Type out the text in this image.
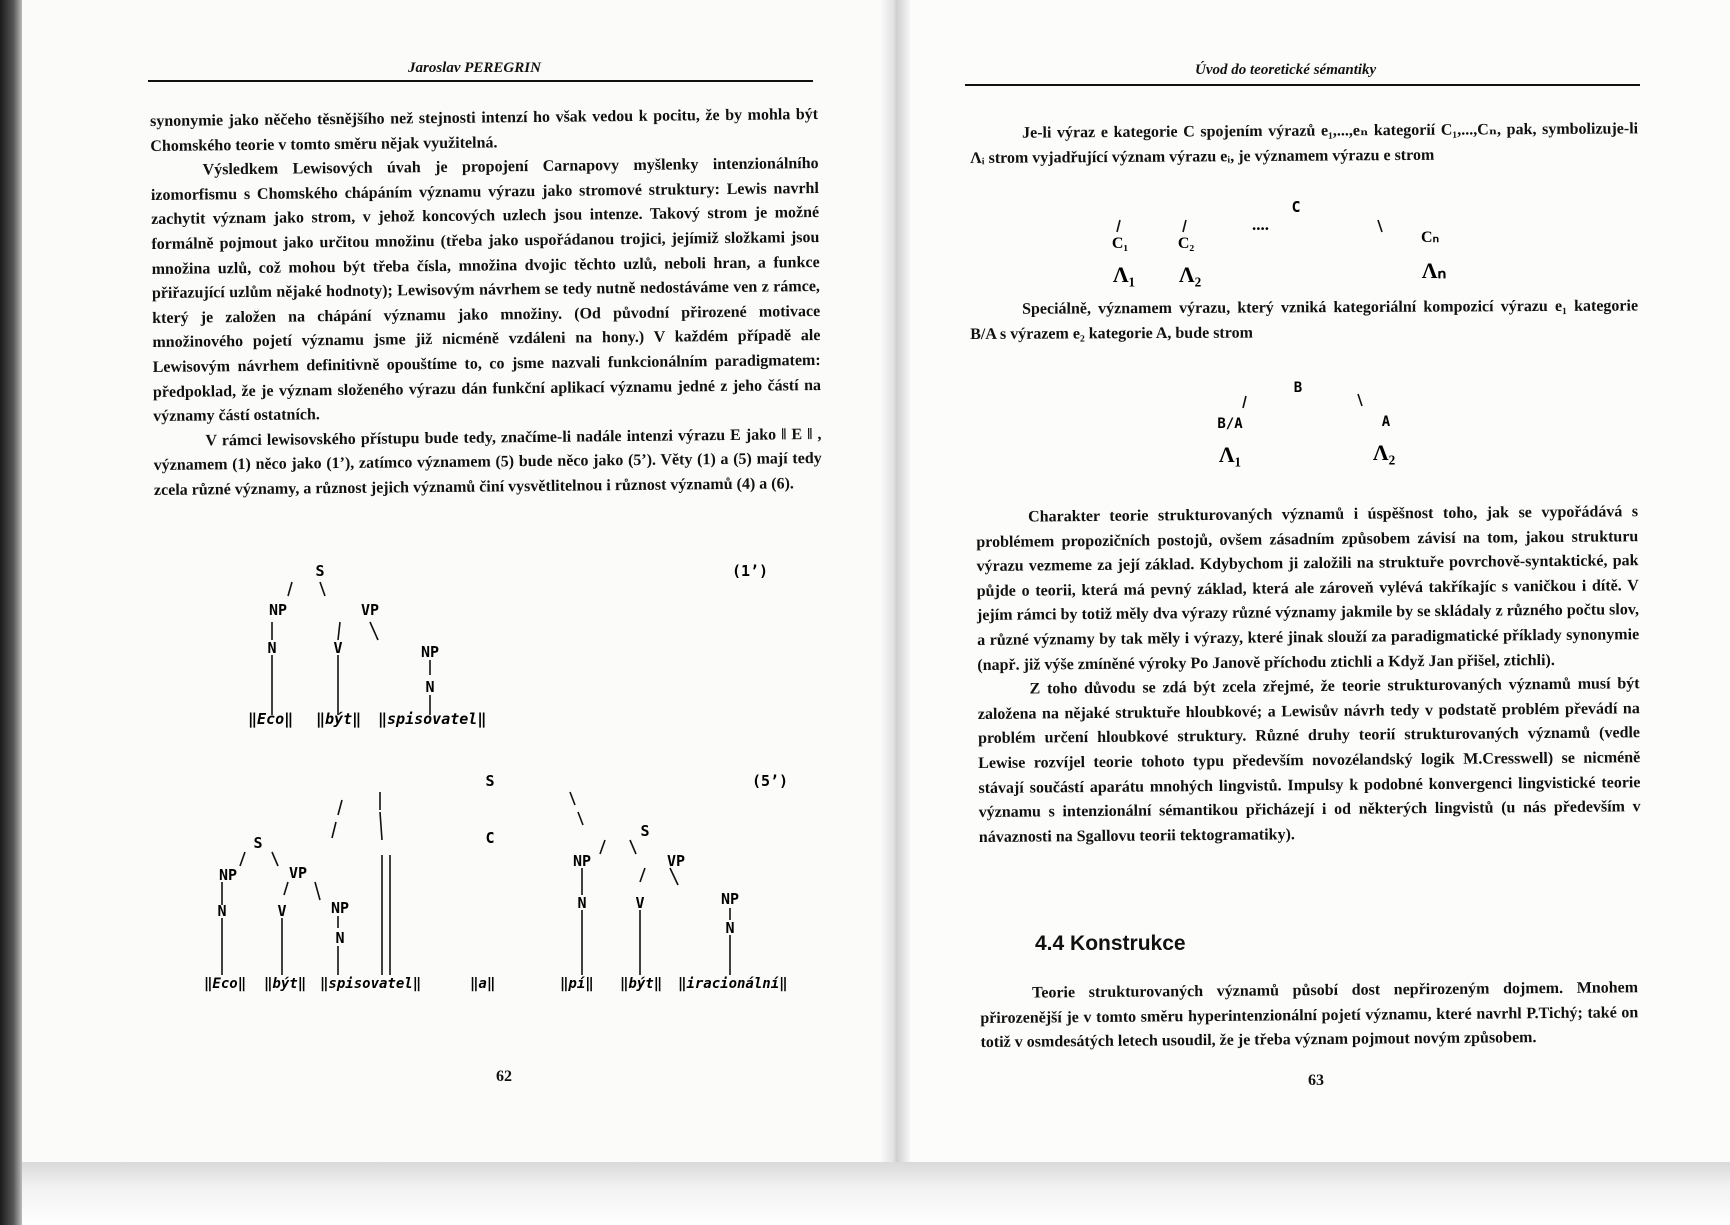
Jaroslav PEREGRIN

synonymie jako něčeho těsnějšího než stejnosti intenzí ho však vedou k pocitu, že by mohla být Chomského teorie v tomto směru nějak využitelná.

Výsledkem Lewisových úvah je propojení Carnapovy myšlenky intenzionálního izomorfismu s Chomského chápáním významu výrazu jako stromové struktury: Lewis navrhl zachytit význam jako strom, v jehož koncových uzlech jsou intenze. Takový strom je možné formálně pojmout jako určitou množinu (třeba jako uspořádanou trojici, jejímiž složkami jsou množina uzlů, což mohou být třeba čísla, množina dvojic těchto uzlů, neboli hran, a funkce přiřazující uzlům nějaké hodnoty); Lewisovým návrhem se tedy nutně nedostáváme ven z rámce, který je založen na chápání významu jako množiny. (Od původní přirozené motivace množinového pojetí významu jsme již nicméně vzdáleni na hony.) V každém případě ale Lewisovým návrhem definitivně opouštíme to, co jsme nazvali funkcionálním paradigmatem: předpoklad, že je význam složeného výrazu dán funkční aplikací významu jedné z jeho částí na významy částí ostatních.

V rámci lewisovského přístupu bude tedy, značíme-li nadále intenzi výrazu E jako ‖ E ‖ , významem (1) něco jako (1’), zatímco významem (5) bude něco jako (5’). Věty (1) a (5) mají tedy zcela různé významy, a různost jejich významů činí vysvětlitelnou i různost významů (4) a (6).

S
NP	VP
N	V	NP
N
‖Eco‖ ‖být‖ ‖spisovatel‖
(1’)
S
C
S
NP	VP
N	V	NP
N
S
NP	VP
N	V	NP
N
‖Eco‖ ‖být‖ ‖spisovatel‖	‖a‖	‖pí‖ ‖být‖ ‖iracionální‖
(5’)
62
Úvod do teoretické sémantiky
Je-li výraz e kategorie C spojením výrazů e₁,...,eₙ kategorií C₁,...,Cₙ, pak, symbolizuje-li Λᵢ strom vyjadřující význam výrazu eᵢ, je významem výrazu e strom
C
....
C₁	C₂	Cₙ
Λ₁ Λ₂	Λₙ
Speciálně, významem výrazu, který vzniká kategoriální kompozicí výrazu e₁ kategorie B/A s výrazem e₂ kategorie A, bude strom
B
B/A	A
Λ₁	Λ₂

Charakter teorie strukturovaných významů i úspěšnost toho, jak se vypořádává s problémem propozičních postojů, ovšem zásadním způsobem závisí na tom, jakou strukturu výrazu vezmeme za její základ. Kdybychom ji založili na struktuře povrchově-syntaktické, pak půjde o teorii, která má pevný základ, která ale zároveň vylévá takříkajíc s vaničkou i dítě. V jejím rámci by totiž měly dva výrazy různé významy jakmile by se skládaly z různého počtu slov, a různé významy by tak měly i výrazy, které jinak slouží za paradigmatické příklady synonymie (např. již výše zmíněné výroky Po Janově příchodu ztichli a Když Jan přišel, ztichli).

Z toho důvodu se zdá být zcela zřejmé, že teorie strukturovaných významů musí být založena na nějaké struktuře hloubkové; a Lewisův návrh tedy v podstatě problém převádí na problém určení hloubkové struktury. Různé druhy teorií strukturovaných významů (vedle Lewise rozvíjel teorie tohoto typu především novozélandský logik M.Cresswell) se nicméně stávají součástí aparátu mnohých lingvistů. Impulsy k podobné konvergenci lingvistické teorie významu s intenzionální sémantikou přicházejí i od některých lingvistů (u nás především v návaznosti na Sgallovu teorii tektogramatiky).

4.4 Konstrukce
Teorie strukturovaných významů působí dost nepřirozeným dojmem. Mnohem přirozenější je v tomto směru hyperintenzionální pojetí významu, které navrhl P.Tichý; také on totiž v osmdesátých letech usoudil, že je třeba význam pojmout novým způsobem.
63
